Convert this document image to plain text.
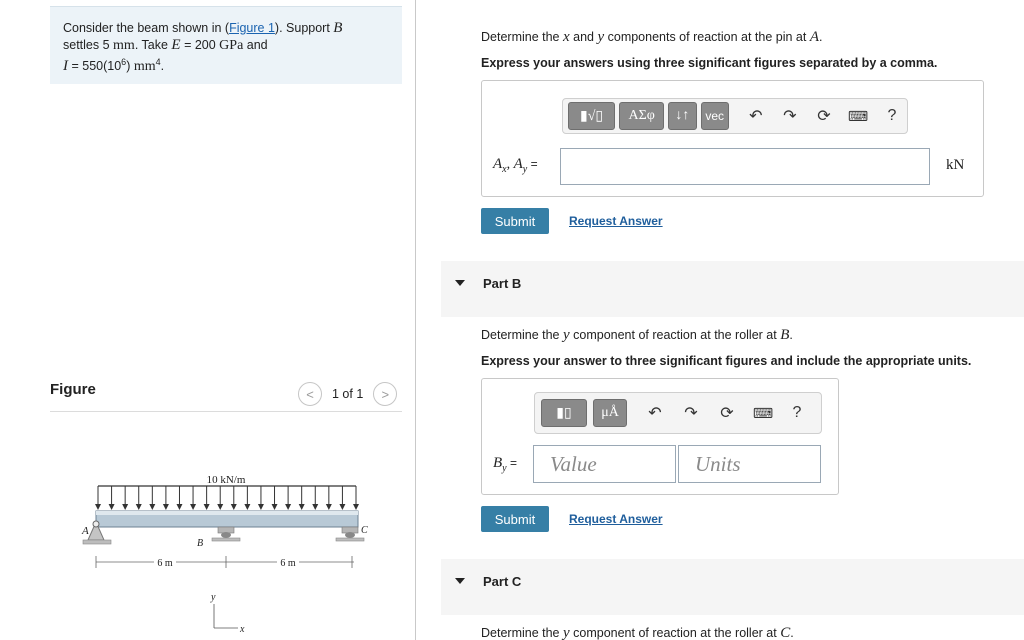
Consider the beam shown in (Figure 1). Support B
settles 5 mm. Take E = 200 GPa and
$I = 550(10^6)$ $mm^4$.
Figure	< 1 of 1 >
10 kN/m
A
B
C
6 m	6 m
y
x
Determine the x and y components of reaction at the pin at A.
Express your answers using three significant figures separated by a comma.
▮√▯ ΑΣφ ↓↑ vec ↶ ↷ ⟳ ⌨ ?
$A_x$, $A_y$ =	kN
Submit	Request Answer
Part B
Determine the y component of reaction at the roller at B.
Express your answer to three significant figures and include the appropriate units.
▮▯ μÅ ↶ ↷ ⟳ ⌨ ?
$B_y$ = Value	Units
Submit	Request Answer
Part C
Determine the y component of reaction at the roller at C.
